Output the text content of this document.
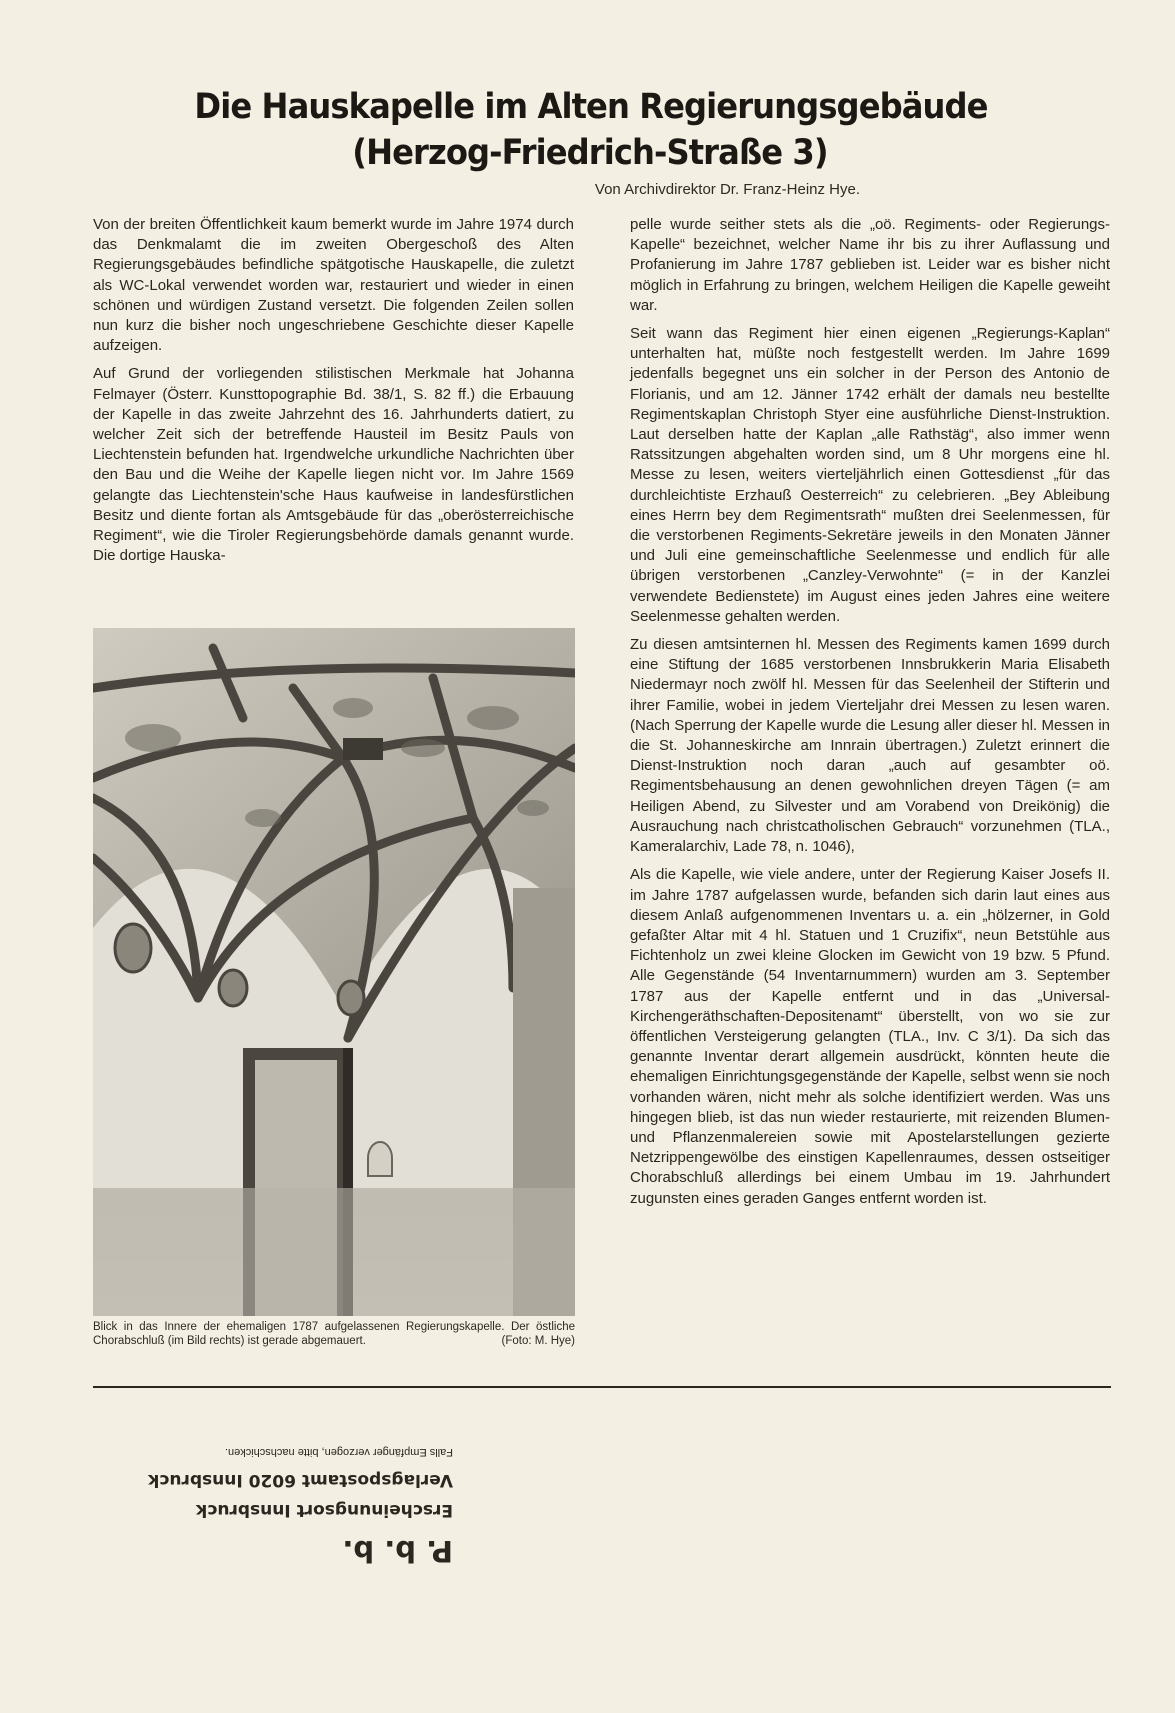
Die Hauskapelle im Alten Regierungsgebäude
(Herzog-Friedrich-Straße 3)
Von Archivdirektor Dr. Franz-Heinz Hye.

Von der breiten Öffentlichkeit kaum bemerkt wurde im Jahre 1974 durch das Denkmalamt die im zweiten Obergeschoß des Alten Regierungsgebäudes befindliche spätgotische Hauskapelle, die zuletzt als WC-Lokal verwendet worden war, restauriert und wieder in einen schönen und würdigen Zustand versetzt. Die folgenden Zeilen sollen nun kurz die bisher noch ungeschriebene Geschichte dieser Kapelle aufzeigen.

Auf Grund der vorliegenden stilistischen Merkmale hat Johanna Felmayer (Österr. Kunsttopographie Bd. 38/1, S. 82 ff.) die Erbauung der Kapelle in das zweite Jahrzehnt des 16. Jahrhunderts datiert, zu welcher Zeit sich der betreffende Hausteil im Besitz Pauls von Liechtenstein befunden hat. Irgendwelche urkundliche Nachrichten über den Bau und die Weihe der Kapelle liegen nicht vor. Im Jahre 1569 gelangte das Liechtenstein'sche Haus kaufweise in landesfürstlichen Besitz und diente fortan als Amtsgebäude für das „oberösterreichische Regiment“, wie die Tiroler Regierungsbehörde damals genannt wurde. Die dortige Hauska-

Blick in das Innere der ehemaligen 1787 aufgelassenen Regierungskapelle. Der östliche Chorabschluß (im Bild rechts) ist gerade abgemauert.	(Foto: M. Hye)

pelle wurde seither stets als die „oö. Regiments- oder Regierungs-Kapelle“ bezeichnet, welcher Name ihr bis zu ihrer Auflassung und Profanierung im Jahre 1787 geblieben ist. Leider war es bisher nicht möglich in Erfahrung zu bringen, welchem Heiligen die Kapelle geweiht war.

Seit wann das Regiment hier einen eigenen „Regierungs-Kaplan“ unterhalten hat, müßte noch festgestellt werden. Im Jahre 1699 jedenfalls begegnet uns ein solcher in der Person des Antonio de Florianis, und am 12. Jänner 1742 erhält der damals neu bestellte Regimentskaplan Christoph Styer eine ausführliche Dienst-Instruktion. Laut derselben hatte der Kaplan „alle Rathstäg“, also immer wenn Ratssitzungen abgehalten worden sind, um 8 Uhr morgens eine hl. Messe zu lesen, weiters vierteljährlich einen Gottesdienst „für das durchleichtiste Erzhauß Oesterreich“ zu celebrieren. „Bey Ableibung eines Herrn bey dem Regimentsrath“ mußten drei Seelenmessen, für die verstorbenen Regiments-Sekretäre jeweils in den Monaten Jänner und Juli eine gemeinschaftliche Seelenmesse und endlich für alle übrigen verstorbenen „Canzley-Verwohnte“ (= in der Kanzlei verwendete Bedienstete) im August eines jeden Jahres eine weitere Seelenmesse gehalten werden.

Zu diesen amtsinternen hl. Messen des Regiments kamen 1699 durch eine Stiftung der 1685 verstorbenen Innsbrukkerin Maria Elisabeth Niedermayr noch zwölf hl. Messen für das Seelenheil der Stifterin und ihrer Familie, wobei in jedem Vierteljahr drei Messen zu lesen waren. (Nach Sperrung der Kapelle wurde die Lesung aller dieser hl. Messen in die St. Johanneskirche am Innrain übertragen.) Zuletzt erinnert die Dienst-Instruktion noch daran „auch auf gesambter oö. Regimentsbehausung an denen gewohnlichen dreyen Tägen (= am Heiligen Abend, zu Silvester und am Vorabend von Dreikönig) die Ausrauchung nach christcatholischen Gebrauch“ vorzunehmen (TLA., Kameralarchiv, Lade 78, n. 1046),

Als die Kapelle, wie viele andere, unter der Regierung Kaiser Josefs II. im Jahre 1787 aufgelassen wurde, befanden sich darin laut eines aus diesem Anlaß aufgenommenen Inventars u. a. ein „hölzerner, in Gold gefaßter Altar mit 4 hl. Statuen und 1 Cruzifix“, neun Betstühle aus Fichtenholz un zwei kleine Glocken im Gewicht von 19 bzw. 5 Pfund. Alle Gegenstände (54 Inventarnummern) wurden am 3. September 1787 aus der Kapelle entfernt und in das „Universal-Kirchengeräthschaften-Depositenamt“ überstellt, von wo sie zur öffentlichen Versteigerung gelangten (TLA., Inv. C 3/1). Da sich das genannte Inventar derart allgemein ausdrückt, könnten heute die ehemaligen Einrichtungsgegenstände der Kapelle, selbst wenn sie noch vorhanden wären, nicht mehr als solche identifiziert werden. Was uns hingegen blieb, ist das nun wieder restaurierte, mit reizenden Blumen- und Pflanzenmalereien sowie mit Apostelarstellungen gezierte Netzrippengewölbe des einstigen Kapellenraumes, dessen ostseitiger Chorabschluß allerdings bei einem Umbau im 19. Jahrhundert zugunsten eines geraden Ganges entfernt worden ist.

P. b. b.
Erscheinungsort Innsbruck
Verlagspostamt 6020 Innsbruck
Falls Empfänger verzogen, bitte nachschicken.
